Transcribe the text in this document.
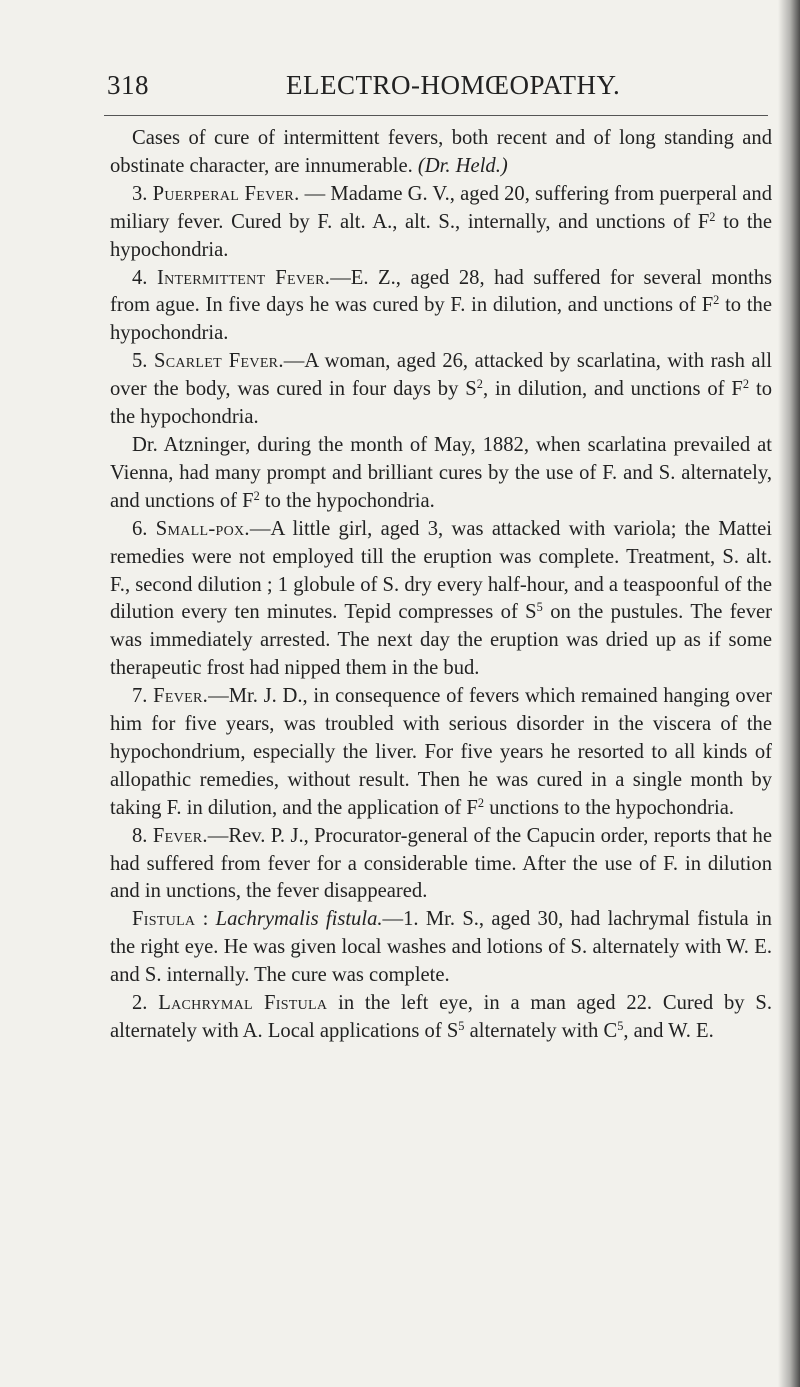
318	ELECTRO-HOMŒOPATHY.

Cases of cure of intermittent fevers, both recent and of long standing and obstinate character, are innumerable. (Dr. Held.)

3. Puerperal Fever. — Madame G. V., aged 20, suffering from puerperal and miliary fever. Cured by F. alt. A., alt. S., internally, and unctions of $F^2$ to the hypochondria.

4. Intermittent Fever.—E. Z., aged 28, had suffered for several months from ague. In five days he was cured by F. in dilution, and unctions of $F^2$ to the hypochondria.

5. Scarlet Fever.—A woman, aged 26, attacked by scarlatina, with rash all over the body, was cured in four days by $S^2$, in dilution, and unctions of $F^2$ to the hypochondria.

Dr. Atzninger, during the month of May, 1882, when scarlatina prevailed at Vienna, had many prompt and brilliant cures by the use of F. and S. alternately, and unctions of $F^2$ to the hypochondria.

6. Small-pox.—A little girl, aged 3, was attacked with variola; the Mattei remedies were not employed till the eruption was complete. Treatment, S. alt. F., second dilution ; 1 globule of S. dry every half-hour, and a teaspoonful of the dilution every ten minutes. Tepid compresses of $S^5$ on the pustules. The fever was immediately arrested. The next day the eruption was dried up as if some therapeutic frost had nipped them in the bud.

7. Fever.—Mr. J. D., in consequence of fevers which remained hanging over him for five years, was troubled with serious disorder in the viscera of the hypochondrium, especially the liver. For five years he resorted to all kinds of allopathic remedies, without result. Then he was cured in a single month by taking F. in dilution, and the application of $F^2$ unctions to the hypochondria.

8. Fever.—Rev. P. J., Procurator-general of the Capucin order, reports that he had suffered from fever for a considerable time. After the use of F. in dilution and in unctions, the fever disappeared.

Fistula : Lachrymalis fistula.—1. Mr. S., aged 30, had lachrymal fistula in the right eye. He was given local washes and lotions of S. alternately with W. E. and S. internally. The cure was complete.

2. Lachrymal Fistula in the left eye, in a man aged 22. Cured by S. alternately with A. Local applications of $S^5$ alternately with $C^5$, and W. E.
